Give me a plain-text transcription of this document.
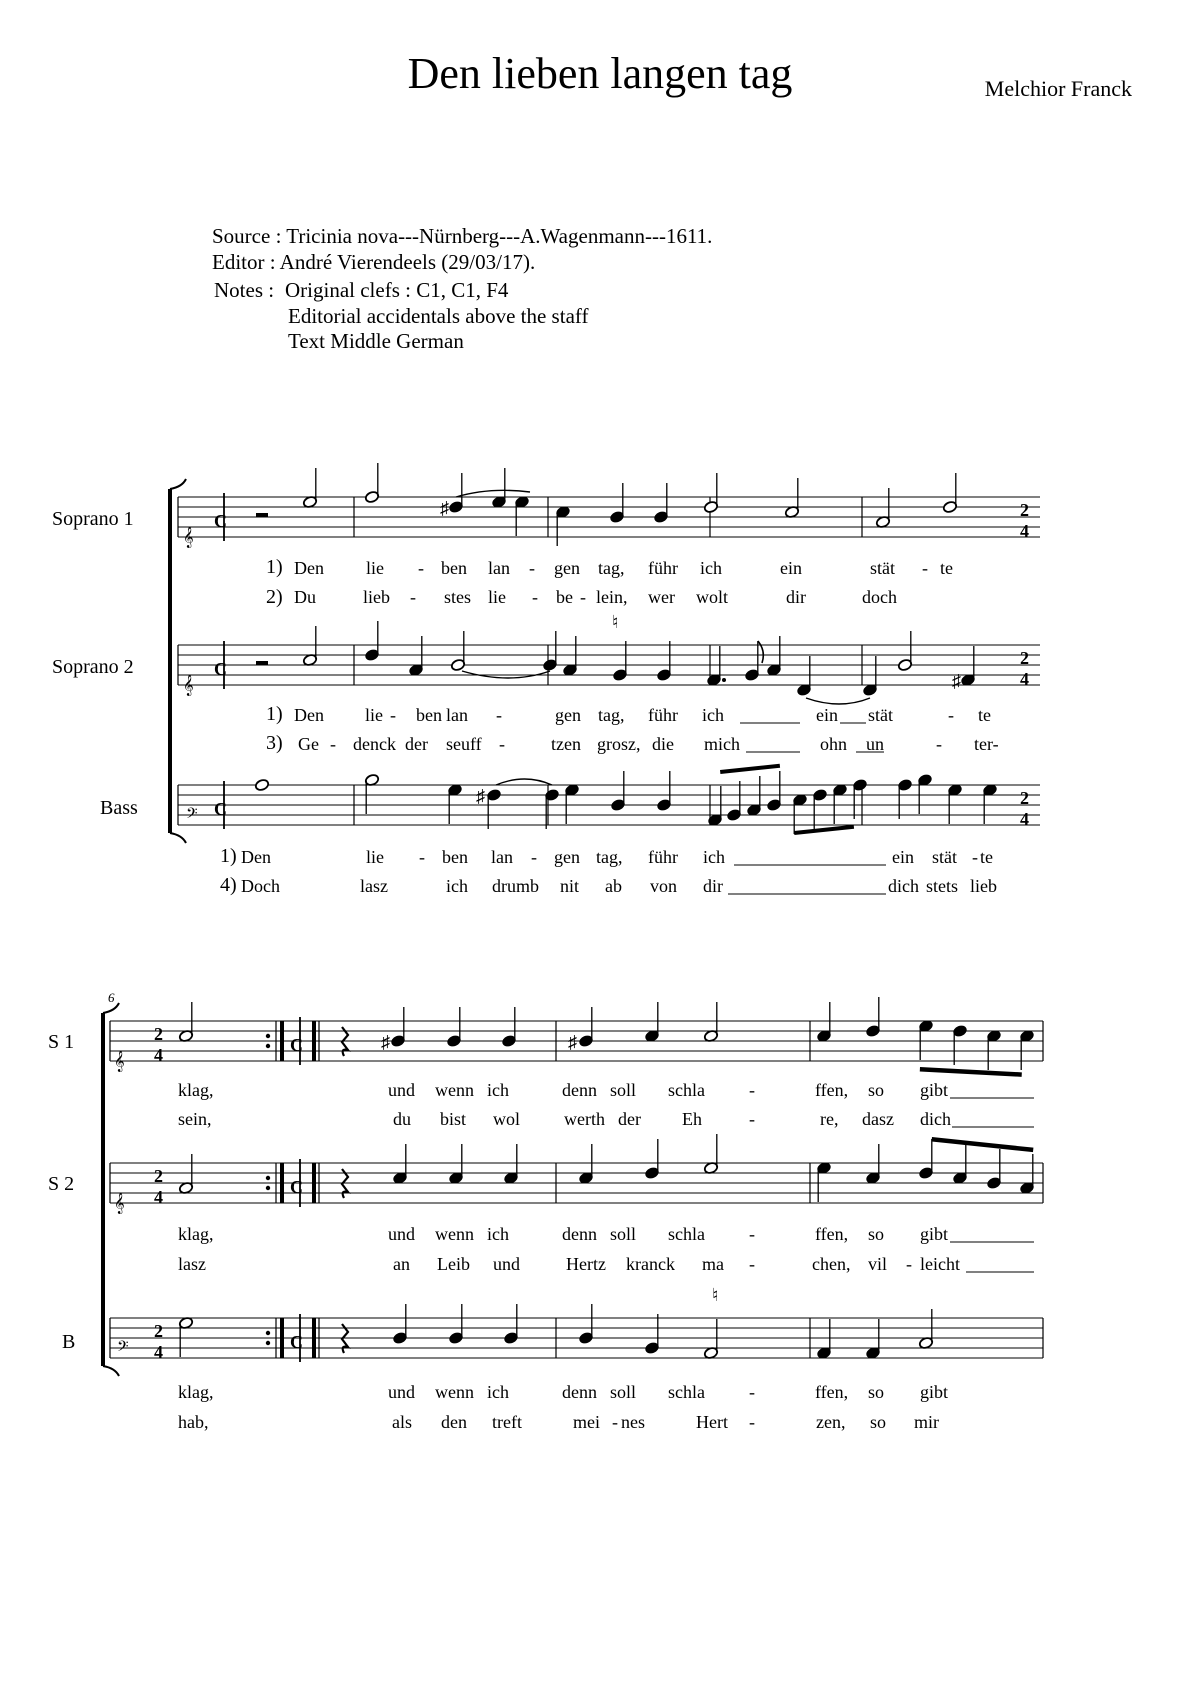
Den lieben langen tag	Melchior Franck
Source : Tricinia nova---Nürnberg---A.Wagenmann---1611.
Editor : André Vierendeels (29/03/17).
Notes : Original clefs : C1, C1, F4
Editorial accidentals above the staff
Text Middle German
Soprano 1
Soprano 2
Bass
𝄞
C
𝄞
C
𝄢 C
2
4
2
4
2
4
♯
♮
♯
♯
1) Den lie - ben lan - gen tag, führ ich	ein	stät - te
2) Du	lieb - stes lie - be - lein, wer wolt	dir	doch
1) Den lie - ben lan -	gen tag, führ ich	ein stät	- te
3) Ge - denck der seuff -	tzen grosz, die mich	ohn un	- ter-
1) Den	lie - ben lan - gen tag, führ ich	ein stät - te
4) Doch	lasz	ich drumb nit ab von dir	dich stets lieb
6
S 1
S 2
B
𝄞
𝄞
𝄢
2
4
2
4
2
4
C
C
C
♯	♯
♮
klag,	und wenn ich	denn soll schla -	ffen, so gibt
sein,	du bist wol werth der Eh	-	re, dasz dich
klag,	und wenn ich	denn soll schla -	ffen, so gibt
lasz	an Leib und	Hertz kranck ma -	chen, vil - leicht
klag,	und wenn ich	denn soll schla -	ffen, so gibt
hab,	als den treft	mei - nes	Hert -	zen, so mir
